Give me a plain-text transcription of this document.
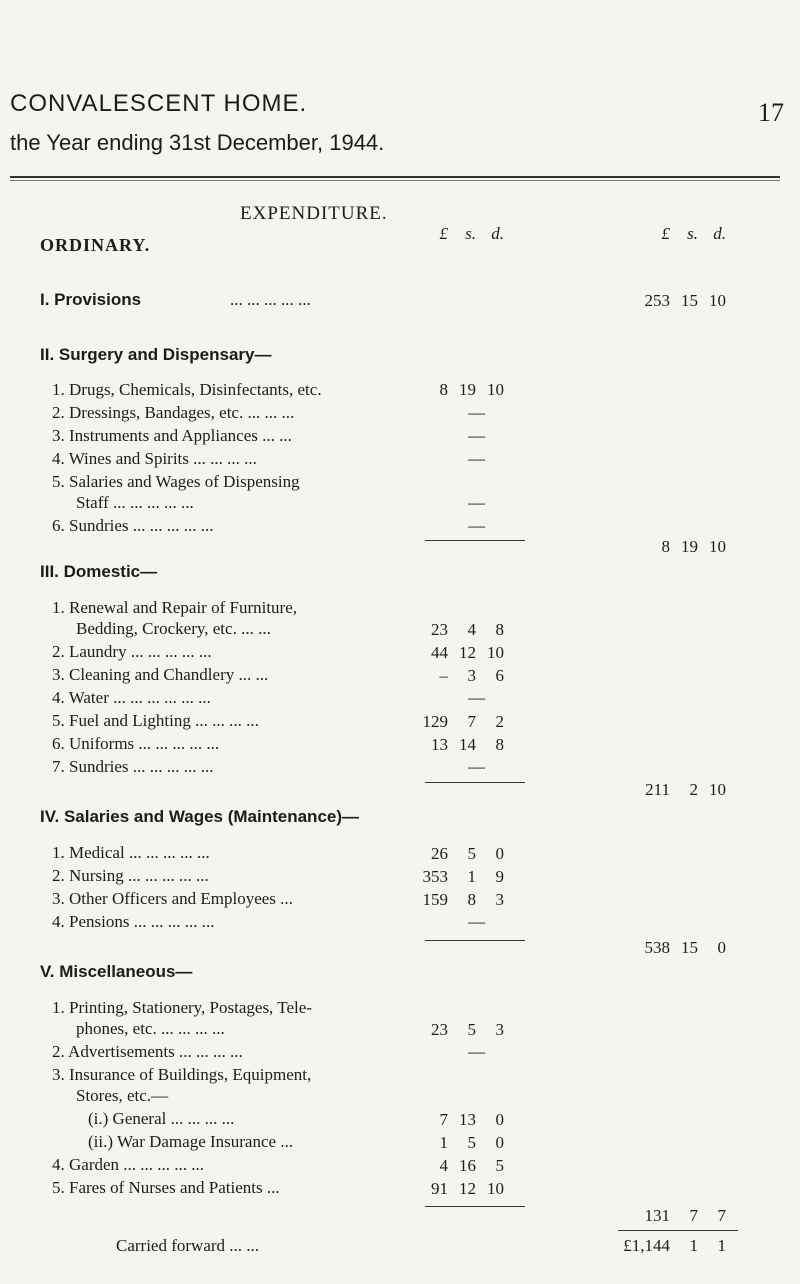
CONVALESCENT HOME.
the Year ending 31st December, 1944.
17
EXPENDITURE.
ORDINARY.
£	s. d.	£	s. d.
I. Provisions	... ... ... ... ...	253 15 10
II. Surgery and Dispensary—
1. Drugs, Chemicals, Disinfectants, etc.	8 19 10
2. Dressings, Bandages, etc. ... ... ...	—
3. Instruments and Appliances ... ...	—
4. Wines and Spirits ... ... ... ...	—
5. Salaries and Wages of Dispensing
Staff ... ... ... ... ...	—
6. Sundries ... ... ... ... ...	—
8 19 10
III. Domestic—
1. Renewal and Repair of Furniture,
Bedding, Crockery, etc. ... ...	23	4	8
2. Laundry ... ... ... ... ...	44 12 10
3. Cleaning and Chandlery ... ...	–	3	6
4. Water ... ... ... ... ... ...	—
5. Fuel and Lighting ... ... ... ...	129	7	2
6. Uniforms ... ... ... ... ...	13 14	8
7. Sundries ... ... ... ... ...	—
211	2 10
IV. Salaries and Wages (Maintenance)—
1. Medical ... ... ... ... ...	26	5	0
2. Nursing ... ... ... ... ...	353	1	9
3. Other Officers and Employees ...	159	8	3
4. Pensions ... ... ... ... ...	—
538 15	0
V. Miscellaneous—
1. Printing, Stationery, Postages, Tele-
phones, etc. ... ... ... ...	23	5	3
2. Advertisements ... ... ... ...	—
3. Insurance of Buildings, Equipment,
Stores, etc.—
(i.) General ... ... ... ...	7 13	0
(ii.) War Damage Insurance ...	1	5	0
4. Garden ... ... ... ... ...	4 16	5
5. Fares of Nurses and Patients ...	91 12 10
131	7	7
Carried forward ... ...	£1,144	1	1
